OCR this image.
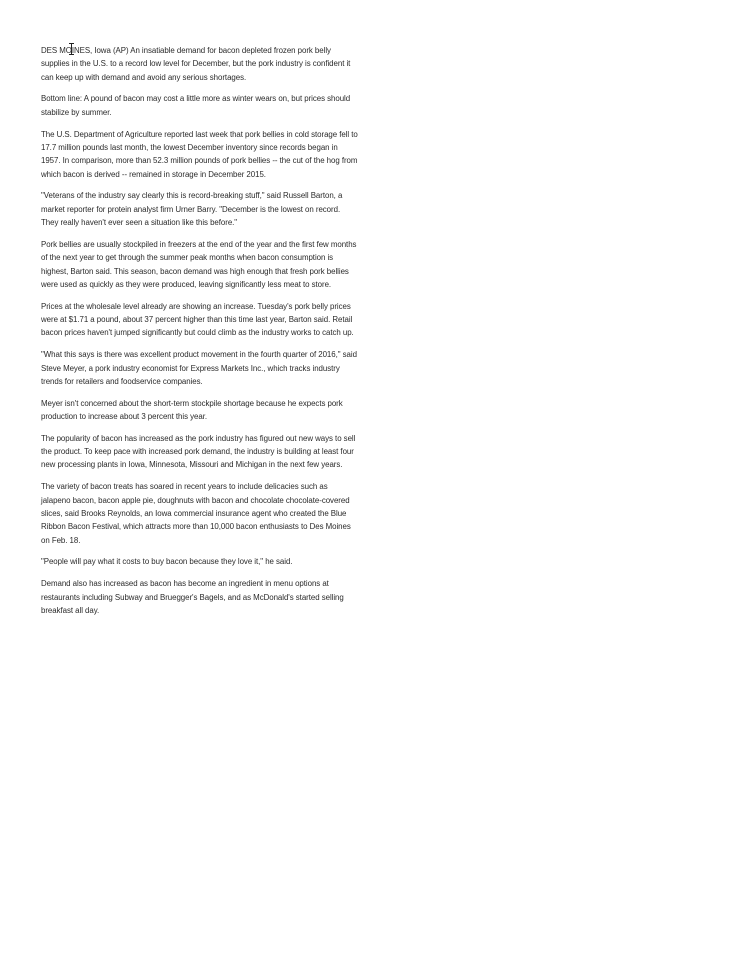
DES MOINES, Iowa (AP) An insatiable demand for bacon depleted frozen pork belly supplies in the U.S. to a record low level for December, but the pork industry is confident it can keep up with demand and avoid any serious shortages.

Bottom line: A pound of bacon may cost a little more as winter wears on, but prices should stabilize by summer.

The U.S. Department of Agriculture reported last week that pork bellies in cold storage fell to 17.7 million pounds last month, the lowest December inventory since records began in 1957. In comparison, more than 52.3 million pounds of pork bellies -- the cut of the hog from which bacon is derived -- remained in storage in December 2015.

"Veterans of the industry say clearly this is record-breaking stuff," said Russell Barton, a market reporter for protein analyst firm Urner Barry. "December is the lowest on record. They really haven't ever seen a situation like this before."

Pork bellies are usually stockpiled in freezers at the end of the year and the first few months of the next year to get through the summer peak months when bacon consumption is highest, Barton said. This season, bacon demand was high enough that fresh pork bellies were used as quickly as they were produced, leaving significantly less meat to store.

Prices at the wholesale level already are showing an increase. Tuesday's pork belly prices were at $1.71 a pound, about 37 percent higher than this time last year, Barton said. Retail bacon prices haven't jumped significantly but could climb as the industry works to catch up.

"What this says is there was excellent product movement in the fourth quarter of 2016," said Steve Meyer, a pork industry economist for Express Markets Inc., which tracks industry trends for retailers and foodservice companies.

Meyer isn't concerned about the short-term stockpile shortage because he expects pork production to increase about 3 percent this year.

The popularity of bacon has increased as the pork industry has figured out new ways to sell the product. To keep pace with increased pork demand, the industry is building at least four new processing plants in Iowa, Minnesota, Missouri and Michigan in the next few years.

The variety of bacon treats has soared in recent years to include delicacies such as jalapeno bacon, bacon apple pie, doughnuts with bacon and chocolate chocolate-covered slices, said Brooks Reynolds, an Iowa commercial insurance agent who created the Blue Ribbon Bacon Festival, which attracts more than 10,000 bacon enthusiasts to Des Moines on Feb. 18.

"People will pay what it costs to buy bacon because they love it," he said.

Demand also has increased as bacon has become an ingredient in menu options at restaurants including Subway and Bruegger's Bagels, and as McDonald's started selling breakfast all day.
